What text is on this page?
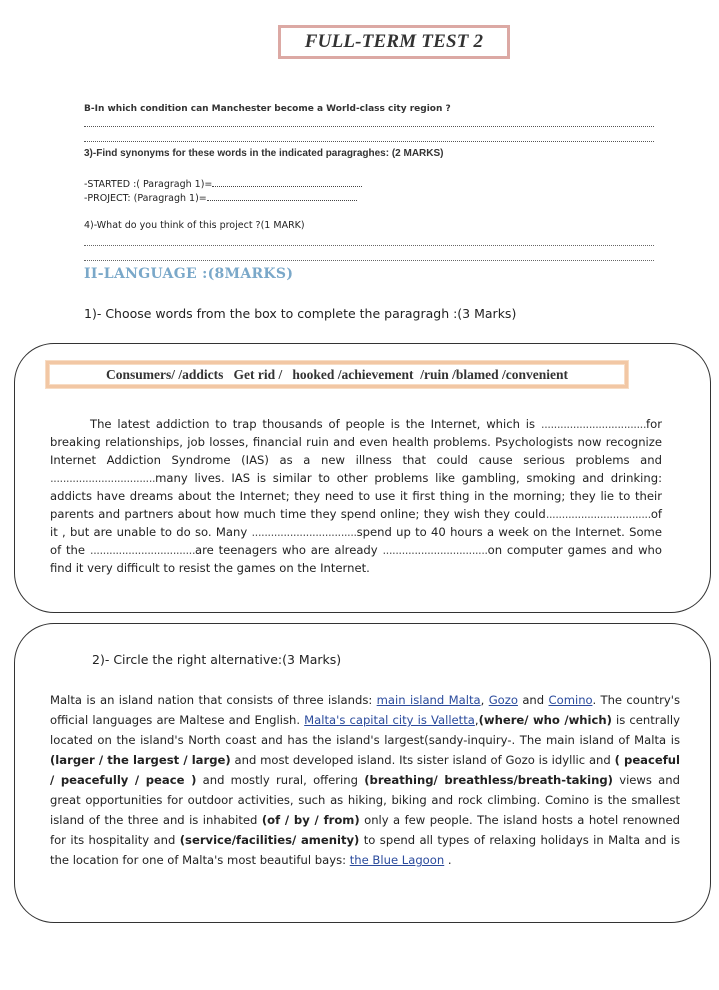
FULL-TERM TEST 2
B-In which condition can Manchester become a World-class city region ?
3)-Find synonyms for these words in the indicated paragraghes: (2 MARKS)
-STARTED :( Paragragh 1)=
-PROJECT: (Paragragh 1)=
4)-What do you think of this project ?(1 MARK)
II-LANGUAGE :(8MARKS)
1)- Choose words from the box to complete the paragragh :(3 Marks)
Consumers/ /addicts   Get rid /   hooked /achievement  /ruin /blamed /convenient

The latest addiction to trap thousands of people is the Internet, which is .................................for breaking relationships, job losses, financial ruin and even health problems. Psychologists now recognize Internet Addiction Syndrome (IAS) as a new illness that could cause serious problems and .................................many lives. IAS is similar to other problems like gambling, smoking and drinking: addicts have dreams about the Internet; they need to use it first thing in the morning; they lie to their parents and partners about how much time they spend online; they wish they could.................................of it , but are unable to do so. Many .................................spend up to 40 hours a week on the Internet. Some of the .................................are teenagers who are already .................................on computer games and who find it very difficult to resist the games on the Internet.

2)- Circle the right alternative:(3 Marks)

Malta is an island nation that consists of three islands: main island Malta, Gozo and Comino. The country's official languages are Maltese and English. Malta's capital city is Valletta,(where/ who /which) is centrally located on the island's North coast and has the island's largest(sandy-inquiry-. The main island of Malta is (larger / the largest / large) and most developed island. Its sister island of Gozo is idyllic and ( peaceful / peacefully / peace ) and mostly rural, offering (breathing/ breathless/breath-taking) views and great opportunities for outdoor activities, such as hiking, biking and rock climbing. Comino is the smallest island of the three and is inhabited (of / by / from) only a few people. The island hosts a hotel renowned for its hospitality and (service/facilities/ amenity) to spend all types of relaxing holidays in Malta and is the location for one of Malta's most beautiful bays: the Blue Lagoon .
